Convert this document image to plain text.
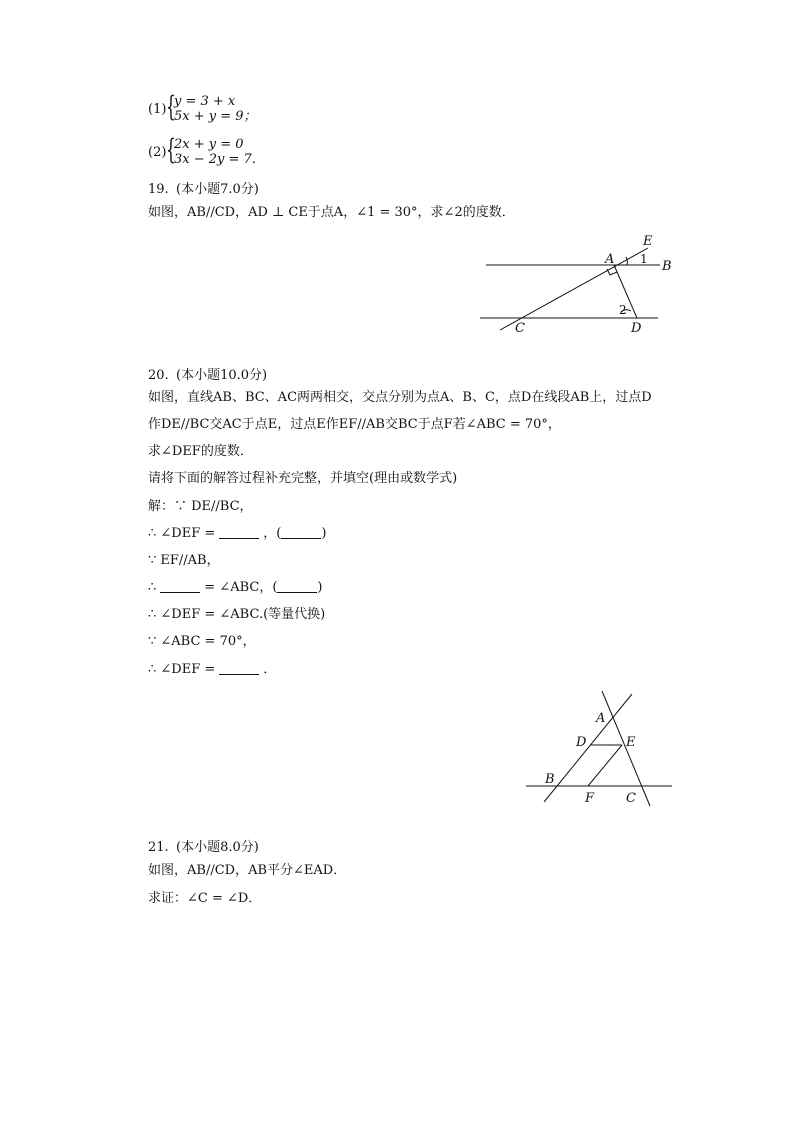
(1) {
y = 3 + x
5x + y = 9；
(2) {
2x + y = 0
3x − 2y = 7．
19. (本小题7.0分)
如图，AB//CD，AD ⊥ CE于点A，∠1 = 30°，求∠2的度数．
E
A 1 B
2
C	D
20. (本小题10.0分)
如图，直线AB、BC、AC两两相交，交点分别为点A、B、C，点D在线段AB上，过点D
作DE//BC交AC于点E，过点E作EF//AB交BC于点F若∠ABC = 70°，
求∠DEF的度数．
请将下面的解答过程补充完整，并填空(理由或数学式)
解：∵ DE//BC，
∴ ∠DEF =	，(	)
∵ EF//AB，
∴	= ∠ABC，(	)
∴ ∠DEF = ∠ABC.(等量代换)
∵ ∠ABC = 70°，
∴ ∠DEF =	．
A
D	E
B
F C
21. (本小题8.0分)
如图，AB//CD，AB平分∠EAD．
求证：∠C = ∠D．
